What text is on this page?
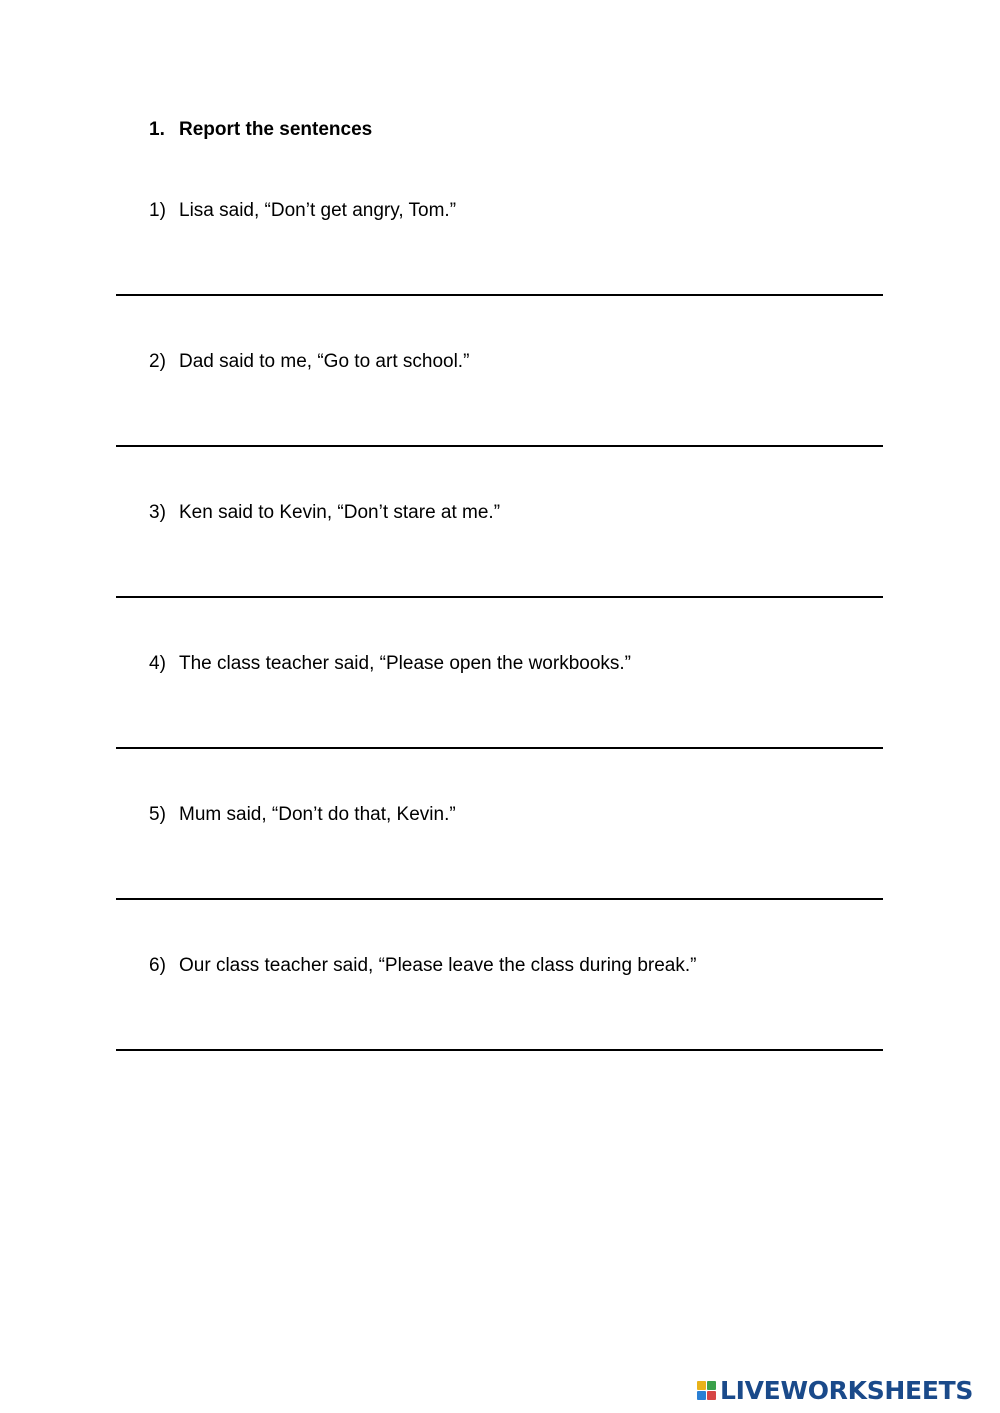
1. Report the sentences
1) Lisa said, “Don’t get angry, Tom.”
2) Dad said to me, “Go to art school.”
3) Ken said to Kevin, “Don’t stare at me.”
4) The class teacher said, “Please open the workbooks.”
5) Mum said, “Don’t do that, Kevin.”
6) Our class teacher said, “Please leave the class during break.”
LIVEWORKSHEETS
